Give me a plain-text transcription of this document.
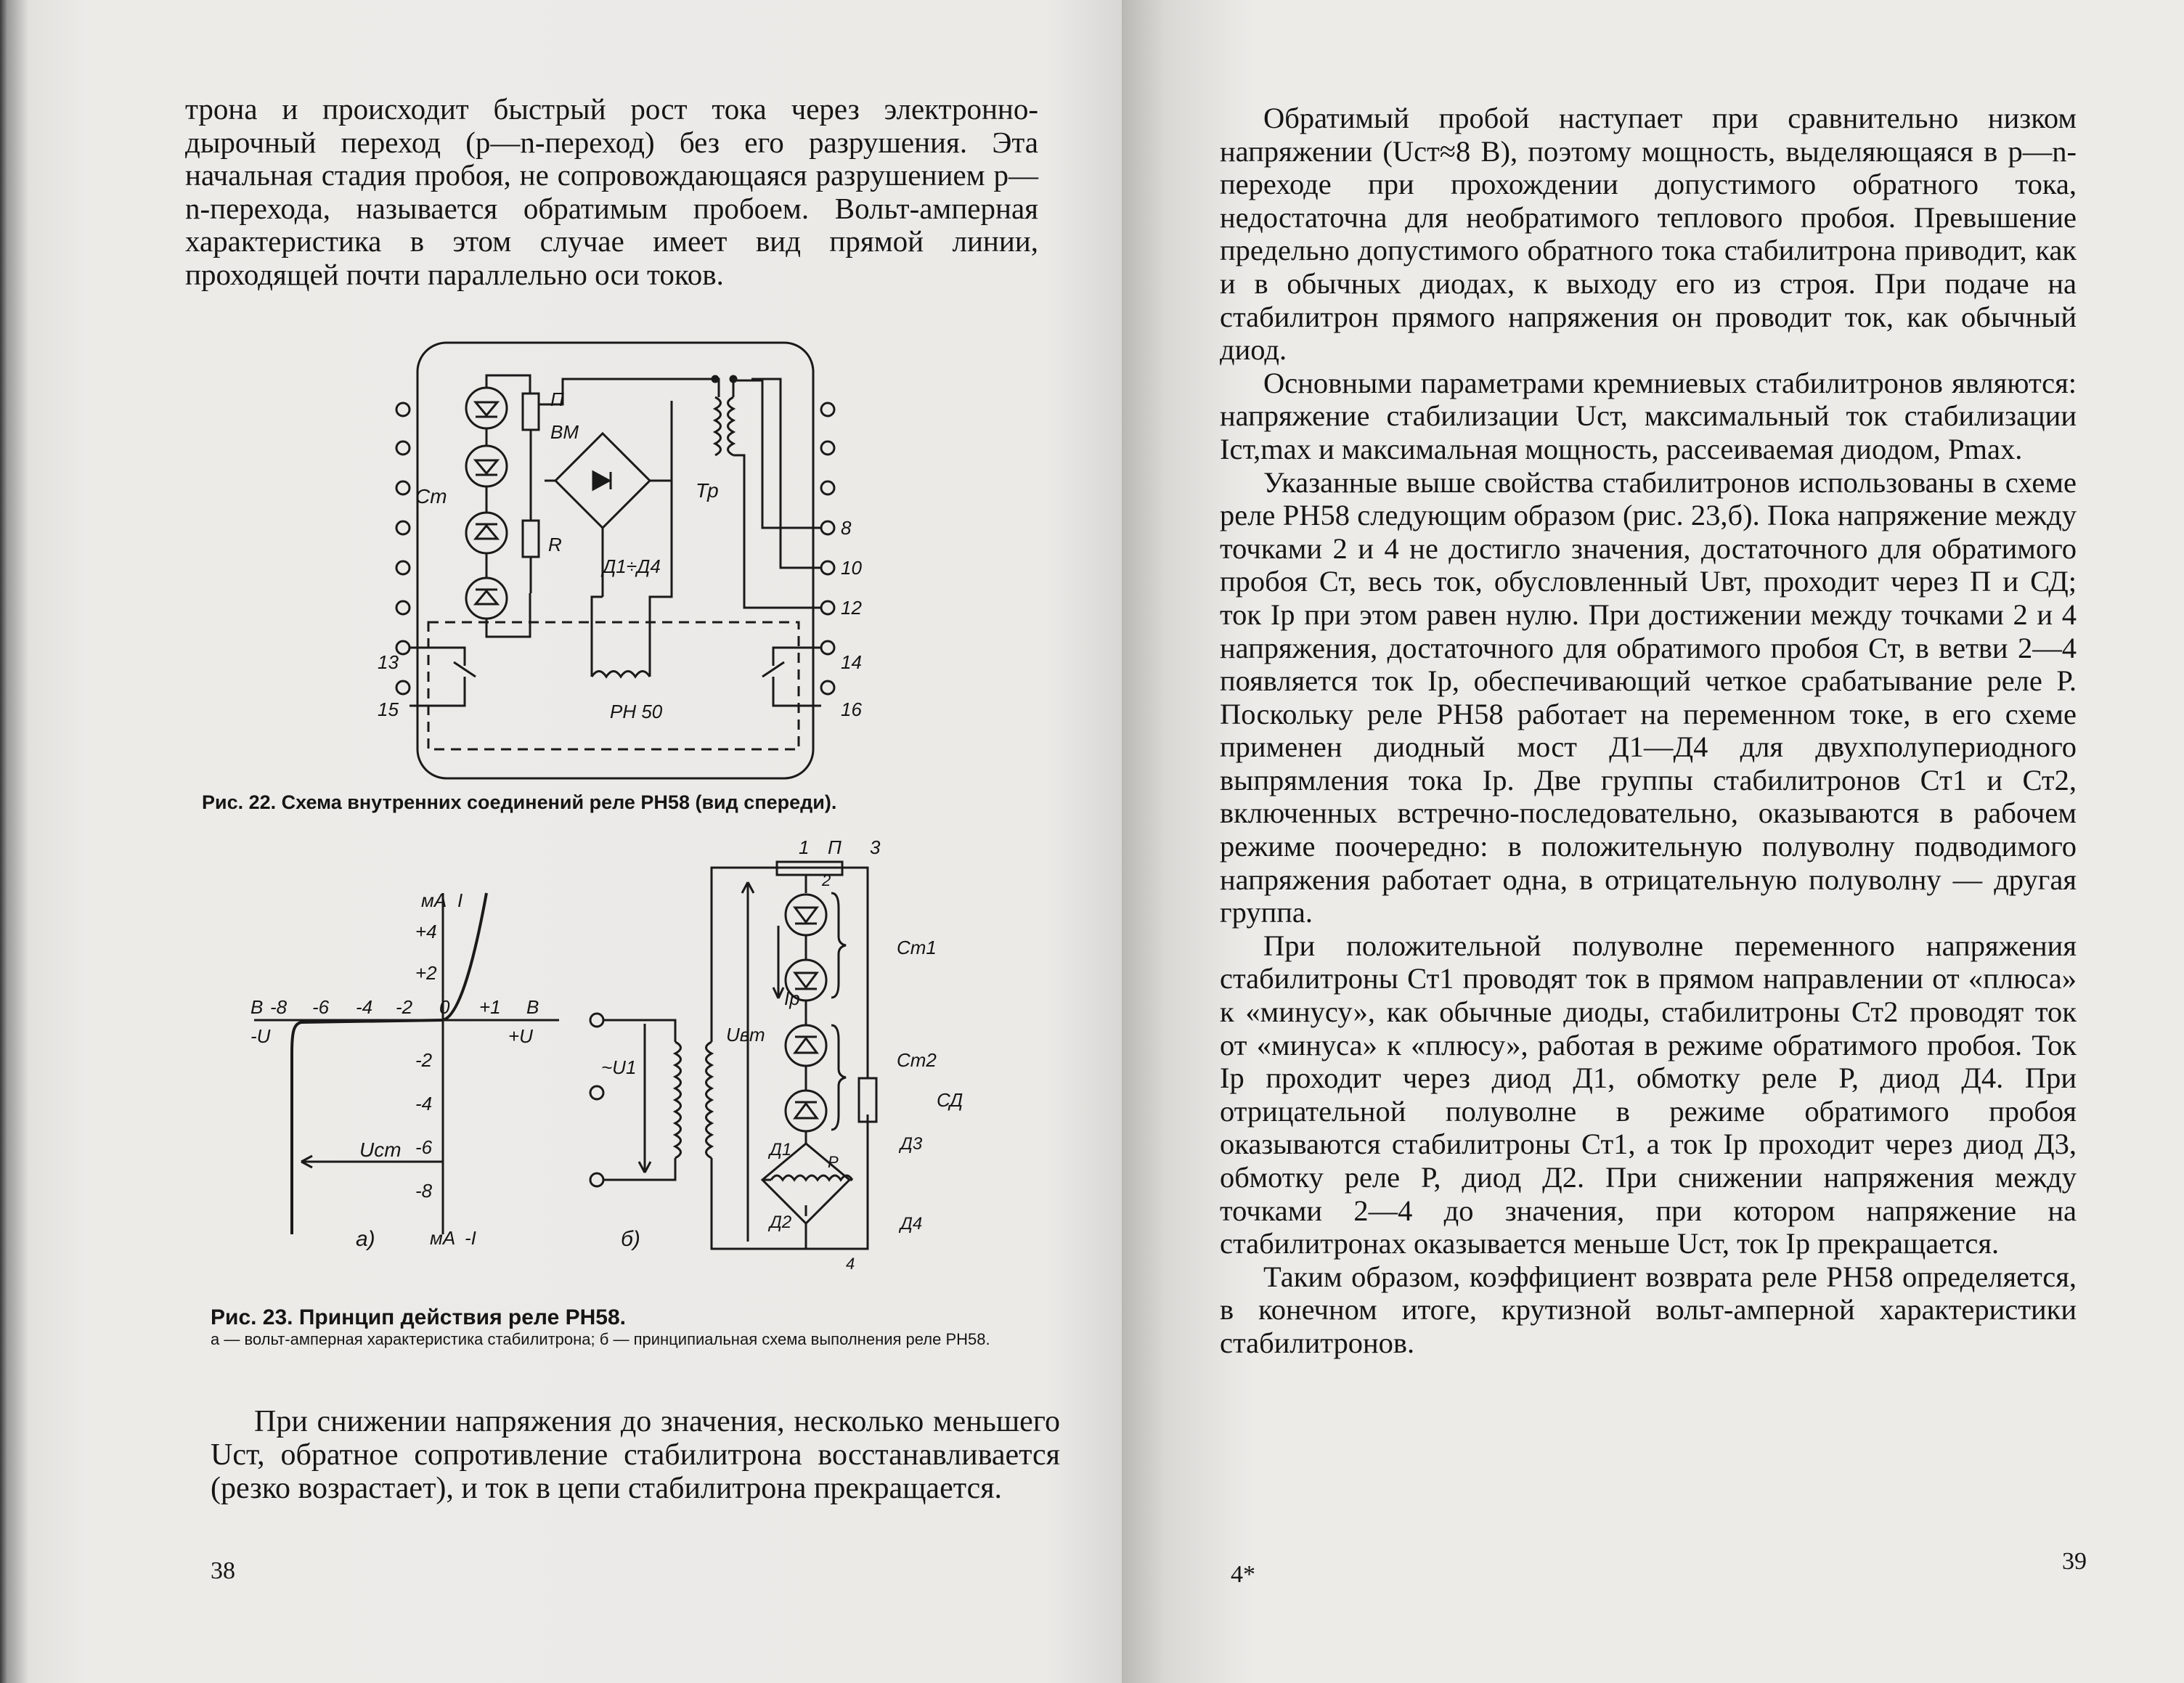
трона и происходит быстрый рост тока через электронно-дырочный переход (p—n-переход) без его разрушения. Эта начальная стадия пробоя, не сопровождающаяся разрушением p—n-перехода, называется обратимым пробоем. Вольт-амперная характеристика в этом случае имеет вид прямой линии, проходящей почти параллельно оси токов.

П
ВМ
Ст
R
Тр
Д1÷Д4
РН 50
13
15
8
10
12
14
16
Рис. 22. Схема внутренних соединений реле РН58 (вид спереди).
мА I
+4
+2
-2
-4
-6
-8
мА -I
В -8 -6 -4 -2 0 +1 В
-U	+U
Uст
а)
1 П 3
2
Ст1
Iр
Uвт
Ст2
~U1
СД
Д1
Р
Д3
Д2	Д4
4
б)
Рис. 23. Принцип действия реле РН58.
а — вольт-амперная характеристика стабилитрона; б — принципиальная схема выполнения реле РН58.

При снижении напряжения до значения, несколько меньшего Uст, обратное сопротивление стабилитрона восстанавливается (резко возрастает), и ток в цепи стабилитрона прекращается.

38

Обратимый пробой наступает при сравнительно низком напряжении (Uст≈8 В), поэтому мощность, выделяющаяся в p—n-переходе при прохождении допустимого обратного тока, недостаточна для необратимого теплового пробоя. Превышение предельно допустимого обратного тока стабилитрона приводит, как и в обычных диодах, к выходу его из строя. При подаче на стабилитрон прямого напряжения он проводит ток, как обычный диод.

Основными параметрами кремниевых стабилитронов являются: напряжение стабилизации Uст, максимальный ток стабилизации Iст,max и максимальная мощность, рассеиваемая диодом, Pmax.

Указанные выше свойства стабилитронов использованы в схеме реле РН58 следующим образом (рис. 23,б). Пока напряжение между точками 2 и 4 не достигло значения, достаточного для обратимого пробоя Ст, весь ток, обусловленный Uвт, проходит через П и СД; ток Iр при этом равен нулю. При достижении между точками 2 и 4 напряжения, достаточного для обратимого пробоя Ст, в ветви 2—4 появляется ток Iр, обеспечивающий четкое срабатывание реле Р. Поскольку реле РН58 работает на переменном токе, в его схеме применен диодный мост Д1—Д4 для двухполупериодного выпрямления тока Iр. Две группы стабилитронов Ст1 и Ст2, включенных встречно-последовательно, оказываются в рабочем режиме поочередно: в положительную полуволну подводимого напряжения работает одна, в отрицательную полуволну — другая группа.

При положительной полуволне переменного напряжения стабилитроны Ст1 проводят ток в прямом направлении от «плюса» к «минусу», как обычные диоды, стабилитроны Ст2 проводят ток от «минуса» к «плюсу», работая в режиме обратимого пробоя. Ток Iр проходит через диод Д1, обмотку реле Р, диод Д4. При отрицательной полуволне в режиме обратимого пробоя оказываются стабилитроны Ст1, а ток Iр проходит через диод Д3, обмотку реле Р, диод Д2. При снижении напряжения между точками 2—4 до значения, при котором напряжение на стабилитронах оказывается меньше Uст, ток Iр прекращается.

Таким образом, коэффициент возврата реле РН58 определяется, в конечном итоге, крутизной вольт-амперной характеристики стабилитронов.

4*	39
